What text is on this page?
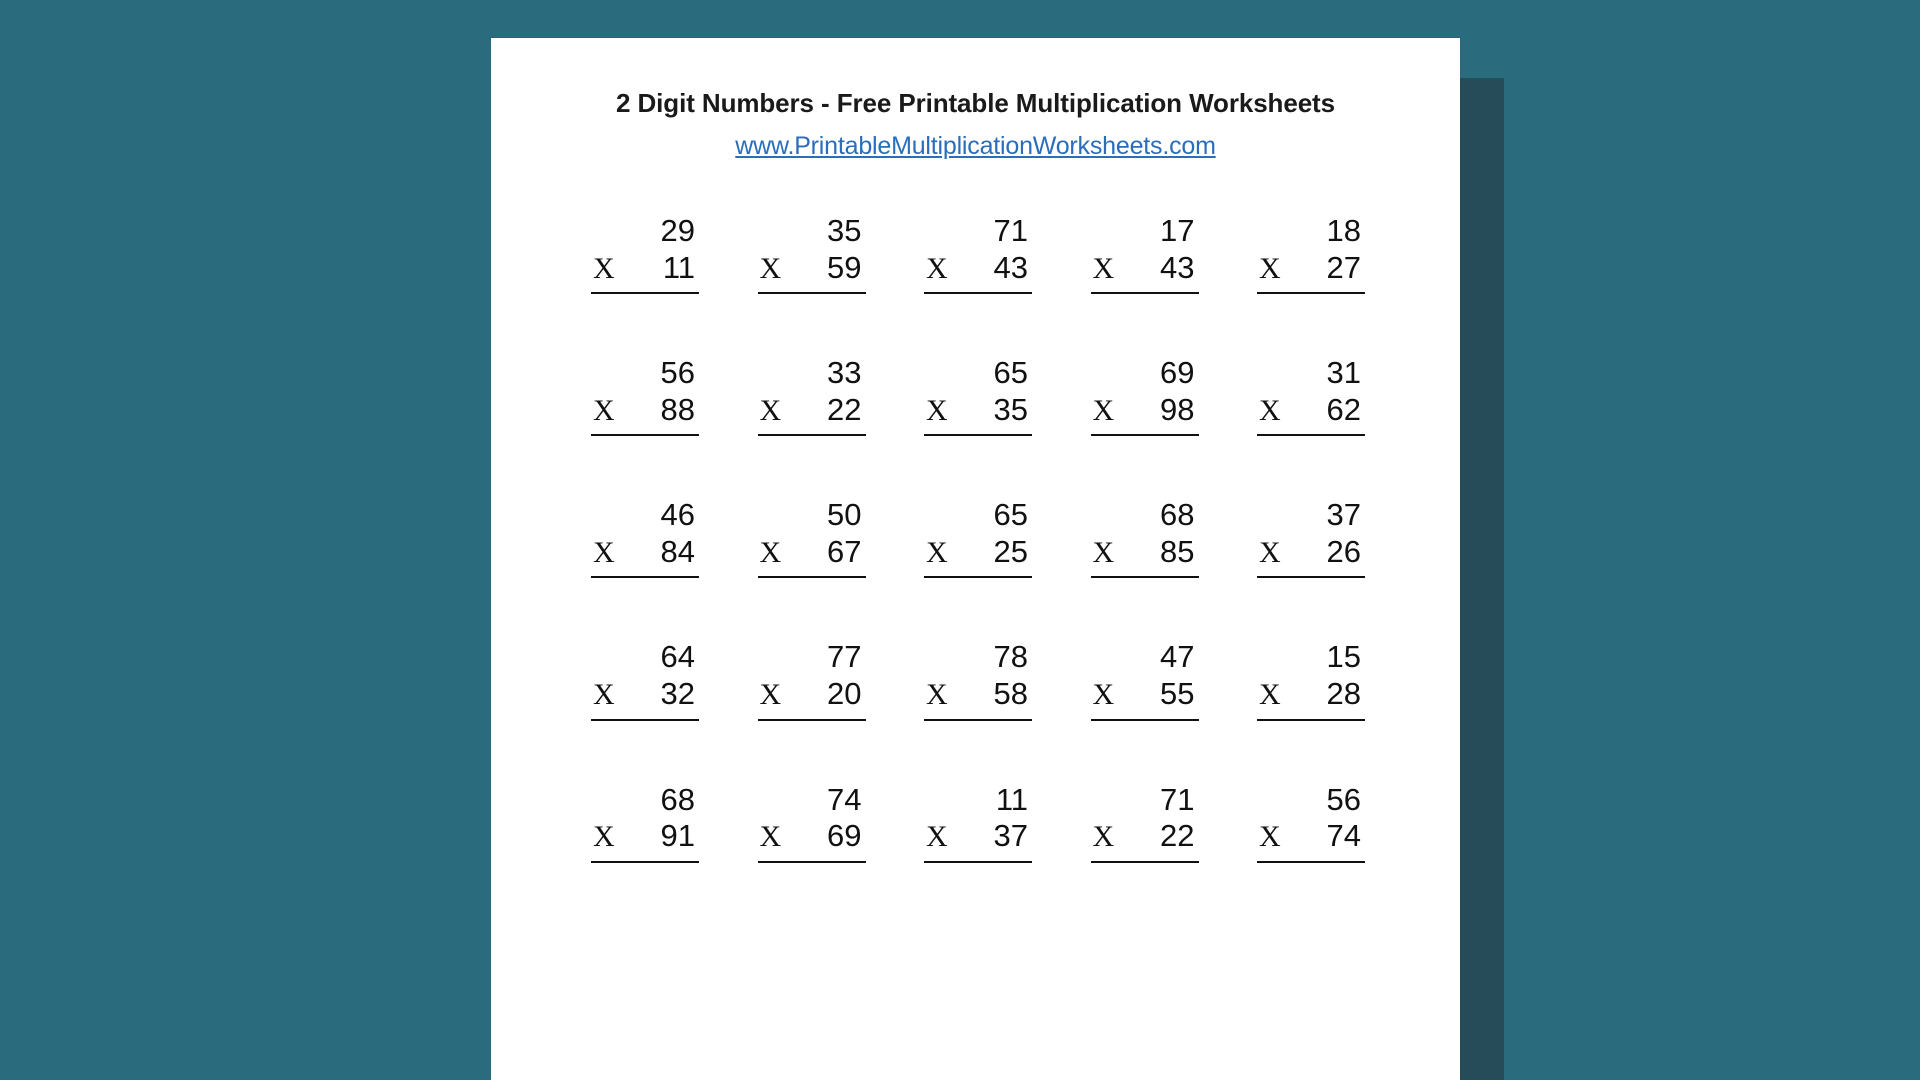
2 Digit Numbers - Free Printable Multiplication Worksheets
www.PrintableMultiplicationWorksheets.com
29
X 11
35
X 59
71
X 43
17
X 43
18
X 27
56
X 88
33
X 22
65
X 35
69
X 98
31
X 62
46
X 84
50
X 67
65
X 25
68
X 85
37
X 26
64
X 32
77
X 20
78
X 58
47
X 55
15
X 28
68
X 91
74
X 69
11
X 37
71
X 22
56
X 74
